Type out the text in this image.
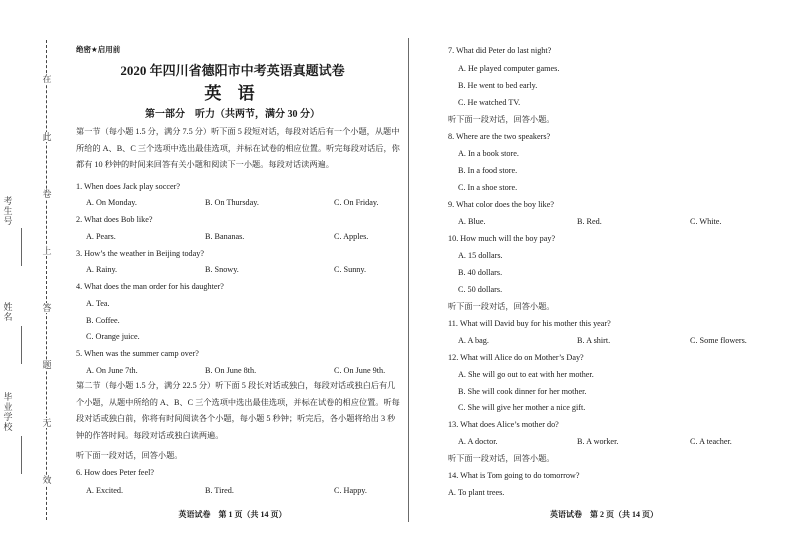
在
此
卷
上
答
题
无
效
考生号
姓名
毕业学校
绝密★启用前
2020 年四川省德阳市中考英语真题试卷
英 语
第一部分　听力（共两节，满分 30 分）
第一节（每小题 1.5 分，满分 7.5 分）听下面 5 段短对话，每段对话后有一个小题，从题中所给的 A、B、C 三个选项中选出最佳选项，并标在试卷的相应位置。听完每段对话后，你都有 10 秒钟的时间来回答有关小题和阅读下一小题。每段对话读两遍。
1. When does Jack play soccer?
A. On Monday.	B. On Thursday.	C. On Friday.
2. What does Bob like?
A. Pears.	B. Bananas.	C. Apples.
3. How’s the weather in Beijing today?
A. Rainy.	B. Snowy.	C. Sunny.
4. What does the man order for his daughter?
A. Tea.
B. Coffee.
C. Orange juice.
5. When was the summer camp over?
A. On June 7th.	B. On June 8th.	C. On June 9th.
第二节（每小题 1.5 分，满分 22.5 分）听下面 5 段长对话或独白，每段对话或独白后有几个小题，从题中所给的 A、B、C 三个选项中选出最佳选项，并标在试卷的相应位置。听每段对话或独白前，你将有时间阅读各个小题，每小题 5 秒钟；听完后，各小题将给出 3 秒钟的作答时间。每段对话或独白读两遍。
听下面一段对话，回答小题。
6. How does Peter feel?
A. Excited.	B. Tired.	C. Happy.
英语试卷　第 1 页（共 14 页）
7. What did Peter do last night?
A. He played computer games.
B. He went to bed early.
C. He watched TV.
听下面一段对话，回答小题。
8. Where are the two speakers?
A. In a book store.
B. In a food store.
C. In a shoe store.
9. What color does the boy like?
A. Blue.	B. Red.	C. White.
10. How much will the boy pay?
A. 15 dollars.
B. 40 dollars.
C. 50 dollars.
听下面一段对话，回答小题。
11. What will David buy for his mother this year?
A. A bag.	B. A shirt.	C. Some flowers.
12. What will Alice do on Mother’s Day?
A. She will go out to eat with her mother.
B. She will cook dinner for her mother.
C. She will give her mother a nice gift.
13. What does Alice’s mother do?
A. A doctor.	B. A worker.	C. A teacher.
听下面一段对话，回答小题。
14. What is Tom going to do tomorrow?
A. To plant trees.
英语试卷　第 2 页（共 14 页）
